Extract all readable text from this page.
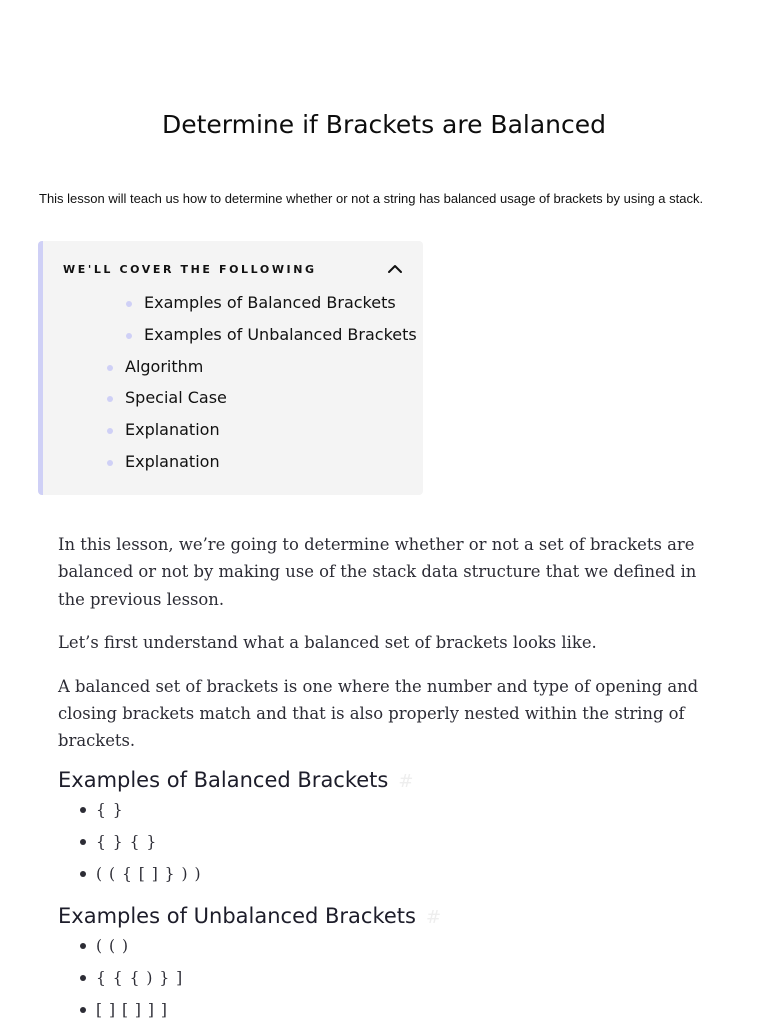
Determine if Brackets are Balanced

This lesson will teach us how to determine whether or not a string has balanced usage of brackets by using a stack.

WE'LL COVER THE FOLLOWING
Examples of Balanced Brackets
Examples of Unbalanced Brackets
Algorithm
Special Case
Explanation
Explanation

In this lesson, we’re going to determine whether or not a set of brackets are balanced or not by making use of the stack data structure that we defined in the previous lesson.

Let’s first understand what a balanced set of brackets looks like.

A balanced set of brackets is one where the number and type of opening and closing brackets match and that is also properly nested within the string of brackets.

Examples of Balanced Brackets #
{ }
{ } { }
( ( { [ ] } ) )
Examples of Unbalanced Brackets #
( ( )
{ { { ) } ]
[ ] [ ] ] ]
